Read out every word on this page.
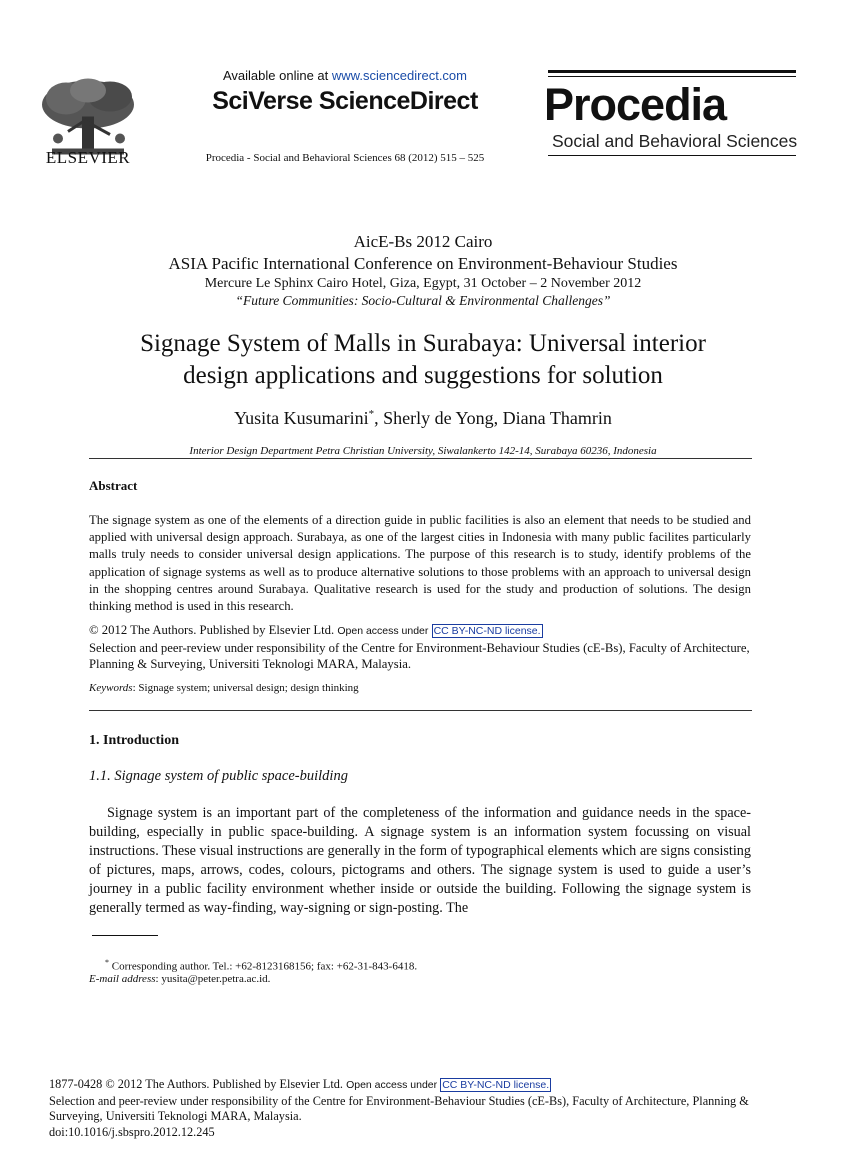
ELSEVIER
Available online at www.sciencedirect.com
SciVerse ScienceDirect
Procedia - Social and Behavioral Sciences 68 (2012) 515 – 525
Procedia
Social and Behavioral Sciences
AicE-Bs 2012 Cairo
ASIA Pacific International Conference on Environment-Behaviour Studies
Mercure Le Sphinx Cairo Hotel, Giza, Egypt, 31 October – 2 November 2012
“Future Communities: Socio-Cultural & Environmental Challenges”
Signage System of Malls in Surabaya: Universal interior
design applications and suggestions for solution
Yusita Kusumarini*, Sherly de Yong, Diana Thamrin
Interior Design Department Petra Christian University, Siwalankerto 142-14, Surabaya 60236, Indonesia
Abstract
The signage system as one of the elements of a direction guide in public facilities is also an element that needs to be studied and applied with universal design approach. Surabaya, as one of the largest cities in Indonesia with many public facilites particularly malls truly needs to consider universal design applications. The purpose of this research is to study, identify problems of the application of signage systems as well as to produce alternative solutions to those problems with an approach to universal design in the shopping centres around Surabaya. Qualitative research is used for the study and production of solutions. The design thinking method is used in this research.
© 2012 The Authors. Published by Elsevier Ltd. Open access under CC BY-NC-ND license.
Selection and peer-review under responsibility of the Centre for Environment-Behaviour Studies (cE-Bs), Faculty of Architecture, Planning & Surveying, Universiti Teknologi MARA, Malaysia.
Keywords: Signage system; universal design; design thinking
1. Introduction
1.1. Signage system of public space-building
Signage system is an important part of the completeness of the information and guidance needs in the space-building, especially in public space-building. A signage system is an information system focussing on visual instructions. These visual instructions are generally in the form of typographical elements which are signs consisting of pictures, maps, arrows, codes, colours, pictograms and others. The signage system is used to guide a user’s journey in a public facility environment whether inside or outside the building. Following the signage system is generally termed as way-finding, way-signing or sign-posting. The
* Corresponding author. Tel.: +62-8123168156; fax: +62-31-843-6418.
E-mail address: yusita@peter.petra.ac.id.
1877-0428 © 2012 The Authors. Published by Elsevier Ltd. Open access under CC BY-NC-ND license.
Selection and peer-review under responsibility of the Centre for Environment-Behaviour Studies (cE-Bs), Faculty of Architecture, Planning & Surveying, Universiti Teknologi MARA, Malaysia.
doi:10.1016/j.sbspro.2012.12.245
